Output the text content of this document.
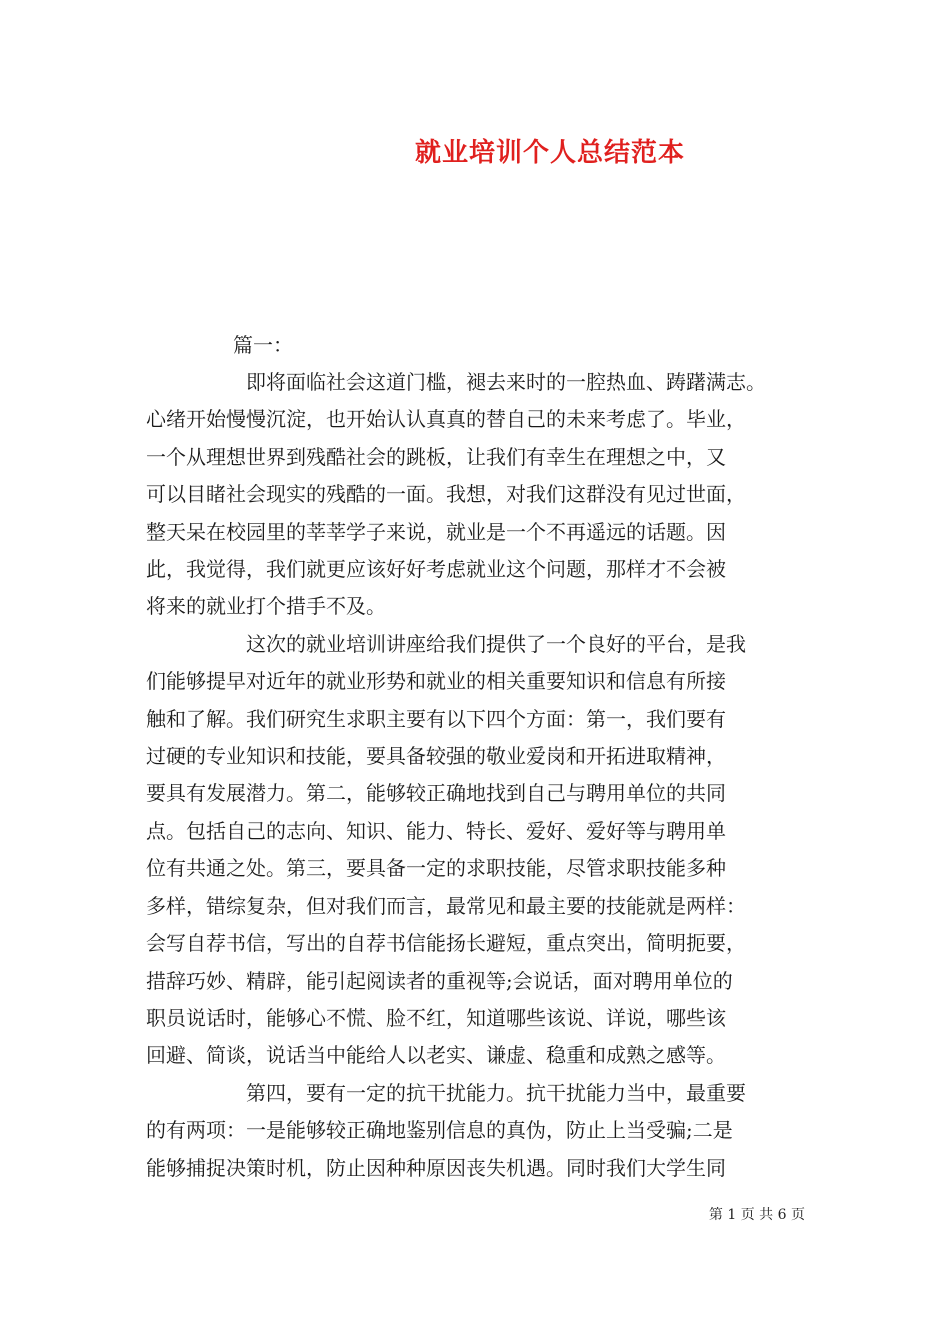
就业培训个人总结范本
篇一：

即将面临社会这道门槛，褪去来时的一腔热血、踌躇满志。
心绪开始慢慢沉淀，也开始认认真真的替自己的未来考虑了。毕业，
一个从理想世界到残酷社会的跳板，让我们有幸生在理想之中，又
可以目睹社会现实的残酷的一面。我想，对我们这群没有见过世面，
整天呆在校园里的莘莘学子来说，就业是一个不再遥远的话题。因
此，我觉得，我们就更应该好好考虑就业这个问题，那样才不会被
将来的就业打个措手不及。

这次的就业培训讲座给我们提供了一个良好的平台，是我
们能够提早对近年的就业形势和就业的相关重要知识和信息有所接
触和了解。我们研究生求职主要有以下四个方面：第一，我们要有
过硬的专业知识和技能，要具备较强的敬业爱岗和开拓进取精神，
要具有发展潜力。第二，能够较正确地找到自己与聘用单位的共同
点。包括自己的志向、知识、能力、特长、爱好、爱好等与聘用单
位有共通之处。第三，要具备一定的求职技能，尽管求职技能多种
多样，错综复杂，但对我们而言，最常见和最主要的技能就是两样：
会写自荐书信，写出的自荐书信能扬长避短，重点突出，简明扼要，
措辞巧妙、精辟，能引起阅读者的重视等;会说话，面对聘用单位的
职员说话时，能够心不慌、脸不红，知道哪些该说、详说，哪些该
回避、简谈，说话当中能给人以老实、谦虚、稳重和成熟之感等。

第四，要有一定的抗干扰能力。抗干扰能力当中，最重要
的有两项：一是能够较正确地鉴别信息的真伪，防止上当受骗;二是
能够捕捉决策时机，防止因种种原因丧失机遇。同时我们大学生同

第 1 页 共 6 页
